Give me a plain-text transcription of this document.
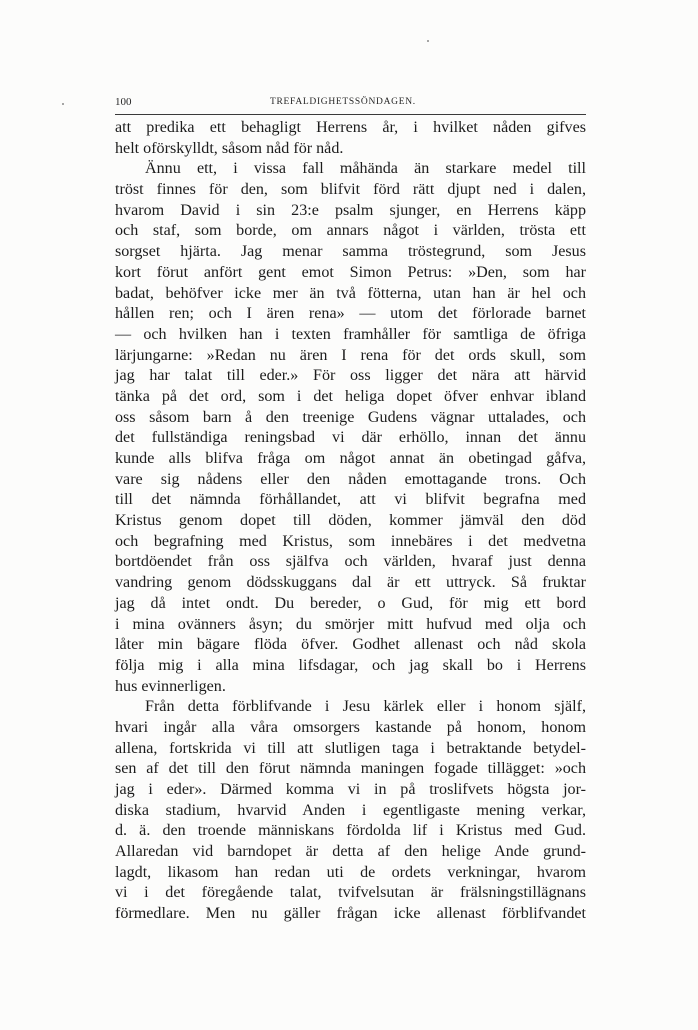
100	TREFALDIGHETSSÖNDAGEN.
att predika ett behagligt Herrens år, i hvilket nåden gifves
helt oförskylldt, såsom nåd för nåd.
Ännu ett, i vissa fall måhända än starkare medel till
tröst finnes för den, som blifvit förd rätt djupt ned i dalen,
hvarom David i sin 23:e psalm sjunger, en Herrens käpp
och staf, som borde, om annars något i världen, trösta ett
sorgset hjärta. Jag menar samma tröstegrund, som Jesus
kort förut anfört gent emot Simon Petrus: »Den, som har
badat, behöfver icke mer än två fötterna, utan han är hel och
hållen ren; och I ären rena» — utom det förlorade barnet
— och hvilken han i texten framhåller för samtliga de öfriga
lärjungarne: »Redan nu ären I rena för det ords skull, som
jag har talat till eder.» För oss ligger det nära att härvid
tänka på det ord, som i det heliga dopet öfver enhvar ibland
oss såsom barn å den treenige Gudens vägnar uttalades, och
det fullständiga reningsbad vi där erhöllo, innan det ännu
kunde alls blifva fråga om något annat än obetingad gåfva,
vare sig nådens eller den nåden emottagande trons. Och
till det nämnda förhållandet, att vi blifvit begrafna med
Kristus genom dopet till döden, kommer jämväl den död
och begrafning med Kristus, som innebäres i det medvetna
bortdöendet från oss själfva och världen, hvaraf just denna
vandring genom dödsskuggans dal är ett uttryck. Så fruktar
jag då intet ondt. Du bereder, o Gud, för mig ett bord
i mina ovänners åsyn; du smörjer mitt hufvud med olja och
låter min bägare flöda öfver. Godhet allenast och nåd skola
följa mig i alla mina lifsdagar, och jag skall bo i Herrens
hus evinnerligen.
Från detta förblifvande i Jesu kärlek eller i honom själf,
hvari ingår alla våra omsorgers kastande på honom, honom
allena, fortskrida vi till att slutligen taga i betraktande betydel-
sen af det till den förut nämnda maningen fogade tillägget: »och
jag i eder». Därmed komma vi in på troslifvets högsta jor-
diska stadium, hvarvid Anden i egentligaste mening verkar,
d. ä. den troende människans fördolda lif i Kristus med Gud.
Allaredan vid barndopet är detta af den helige Ande grund-
lagdt, likasom han redan uti de ordets verkningar, hvarom
vi i det föregående talat, tvifvelsutan är frälsningstillägnans
förmedlare. Men nu gäller frågan icke allenast förblifvandet
